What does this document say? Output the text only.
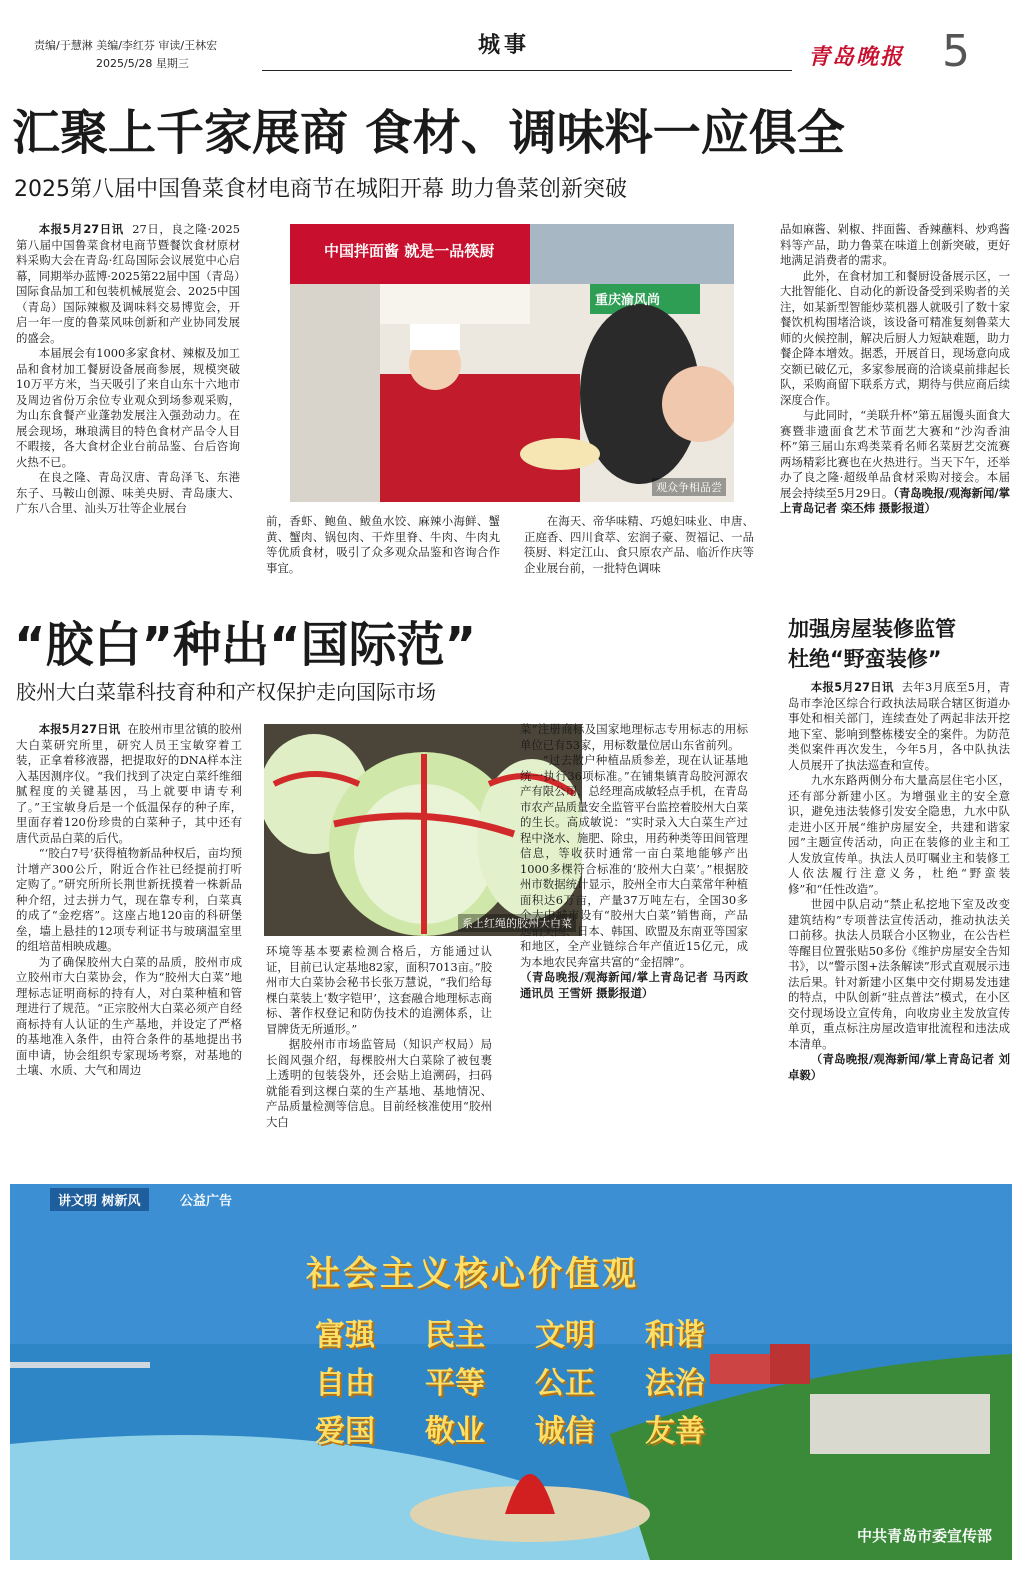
责编/于慧淋 美编/李红芬 审读/王林宏
2025/5/28 星期三
城事	青岛晚报 5
汇聚上千家展商 食材、调味料一应俱全
2025第八届中国鲁菜食材电商节在城阳开幕 助力鲁菜创新突破

本报5月27日讯 27日，良之隆·2025第八届中国鲁菜食材电商节暨餐饮食材原材料采购大会在青岛·红岛国际会议展览中心启幕，同期举办蓝博·2025第22届中国（青岛）国际食品加工和包装机械展览会、2025中国（青岛）国际辣椒及调味料交易博览会，开启一年一度的鲁菜风味创新和产业协同发展的盛会。

本届展会有1000多家食材、辣椒及加工品和食材加工餐厨设备展商参展，规模突破10万平方米，当天吸引了来自山东十六地市及周边省份万余位专业观众到场参观采购，为山东食餐产业蓬勃发展注入强劲动力。在展会现场，琳琅满目的特色食材产品令人目不暇接，各大食材企业台前品鉴、台后咨询火热不已。

在良之隆、青岛汉唐、青岛泽飞、东港东子、马鞍山创源、味美央厨、青岛康大、广东八合里、汕头万壮等企业展台

中国拌面酱 就是一品筷厨
重庆渝风尚
观众争相品尝

前，香虾、鲍鱼、鲅鱼水饺、麻辣小海鲜、蟹黄、蟹肉、锅包肉、干炸里脊、牛肉、牛肉丸等优质食材，吸引了众多观众品鉴和咨询合作事宜。

在海天、帝华味精、巧媳妇味业、申唐、正庭香、四川食萃、宏润子豪、贺福记、一品筷厨、料定江山、食只原农产品、临沂作庆等企业展台前，一批特色调味

品如麻酱、剁椒、拌面酱、香辣蘸料、炒鸡酱料等产品，助力鲁菜在味道上创新突破，更好地满足消费者的需求。

此外，在食材加工和餐厨设备展示区，一大批智能化、自动化的新设备受到采购者的关注，如某新型智能炒菜机器人就吸引了数十家餐饮机构围堵洽谈，该设备可精准复刻鲁菜大师的火候控制，解决后厨人力短缺难题，助力餐企降本增效。据悉，开展首日，现场意向成交额已破亿元，多家参展商的洽谈桌前排起长队，采购商留下联系方式，期待与供应商后续深度合作。

与此同时，“美联升杯”第五届馒头面食大赛暨非遗面食艺术节面艺大赛和“沙沟香油杯”第三届山东鸡类菜肴名师名菜厨艺交流赛两场精彩比赛也在火热进行。当天下午，还举办了良之隆·超级单品食材采购对接会。本届展会持续至5月29日。（青岛晚报/观海新闻/掌上青岛记者 栾丕炜 摄影报道）

“胶白”种出“国际范”
胶州大白菜靠科技育种和产权保护走向国际市场

本报5月27日讯 在胶州市里岔镇的胶州大白菜研究所里，研究人员王宝敏穿着工装，正拿着移液器，把提取好的DNA样本注入基因测序仪。“我们找到了决定白菜纤维细腻程度的关键基因，马上就要申请专利了。”王宝敏身后是一个低温保存的种子库，里面存着120份珍贵的白菜种子，其中还有唐代贡品白菜的后代。

“‘胶白7号’获得植物新品种权后，亩均预计增产300公斤，附近合作社已经提前打听定购了。”研究所所长荆世新抚摸着一株新品种介绍，过去拼力气，现在靠专利，白菜真的成了“金疙瘩”。这座占地120亩的科研堡垒，墙上悬挂的12项专利证书与玻璃温室里的组培苗相映成趣。

为了确保胶州大白菜的品质，胶州市成立胶州市大白菜协会，作为“胶州大白菜”地理标志证明商标的持有人，对白菜种植和管理进行了规范。“正宗胶州大白菜必须产自经商标持有人认证的生产基地，并设定了严格的基地准入条件，由符合条件的基地提出书面申请，协会组织专家现场考察，对基地的土壤、水质、大气和周边

系上红绳的胶州大白菜

环境等基本要素检测合格后，方能通过认证，目前已认定基地82家，面积7013亩。”胶州市大白菜协会秘书长张万慧说，“我们给每棵白菜装上‘数字铠甲’，这套融合地理标志商标、著作权登记和防伪技术的追溯体系，让冒牌货无所遁形。”

据胶州市市场监管局（知识产权局）局长阎风强介绍，每棵胶州大白菜除了被包裹上透明的包装袋外，还会贴上追溯码，扫码就能看到这棵白菜的生产基地、基地情况、产品质量检测等信息。目前经核准使用“胶州大白

菜”注册商标及国家地理标志专用标志的用标单位已有53家，用标数量位居山东省前列。

“过去散户种植品质参差，现在认证基地统一执行36项标准。”在铺集镇青岛胶河源农产有限公司，总经理高成敏轻点手机，在青岛市农产品质量安全监管平台监控着胶州大白菜的生长。高成敏说：“实时录入大白菜生产过程中浇水、施肥、除虫，用药种类等田间管理信息，等收获时通常一亩白菜地能够产出1000多棵符合标准的‘胶州大白菜’。”根据胶州市数据统计显示，胶州全市大白菜常年种植面积达6万亩，产量37万吨左右，全国30多个大中城市设有“胶州大白菜”销售商，产品远销美国、日本、韩国、欧盟及东南亚等国家和地区，全产业链综合年产值近15亿元，成为本地农民奔富共富的“金招牌”。

（青岛晚报/观海新闻/掌上青岛记者 马丙政 通讯员 王雪妍 摄影报道）

加强房屋装修监管
杜绝“野蛮装修”

本报5月27日讯 去年3月底至5月，青岛市李沧区综合行政执法局联合辖区街道办事处和相关部门，连续查处了两起非法开挖地下室、影响到整栋楼安全的案件。为防范类似案件再次发生，今年5月，各中队执法人员展开了执法巡查和宣传。

九水东路两侧分布大量高层住宅小区，还有部分新建小区。为增强业主的安全意识，避免违法装修引发安全隐患，九水中队走进小区开展“维护房屋安全，共建和谐家园”主题宣传活动，向正在装修的业主和工人发放宣传单。执法人员叮嘱业主和装修工人依法履行注意义务，杜绝“野蛮装修”和“任性改造”。

世园中队启动“禁止私挖地下室及改变建筑结构”专项普法宣传活动，推动执法关口前移。执法人员联合小区物业，在公告栏等醒目位置张贴50多份《维护房屋安全告知书》，以“警示图+法条解读”形式直观展示违法后果。针对新建小区集中交付期易发违建的特点，中队创新“驻点普法”模式，在小区交付现场设立宣传角，向收房业主发放宣传单页，重点标注房屋改造审批流程和违法成本清单。

（青岛晚报/观海新闻/掌上青岛记者 刘卓毅）

讲文明 树新风	公益广告
社会主义核心价值观
富强	民主	文明	和谐
自由	平等	公正	法治
爱国	敬业	诚信	友善
中共青岛市委宣传部
